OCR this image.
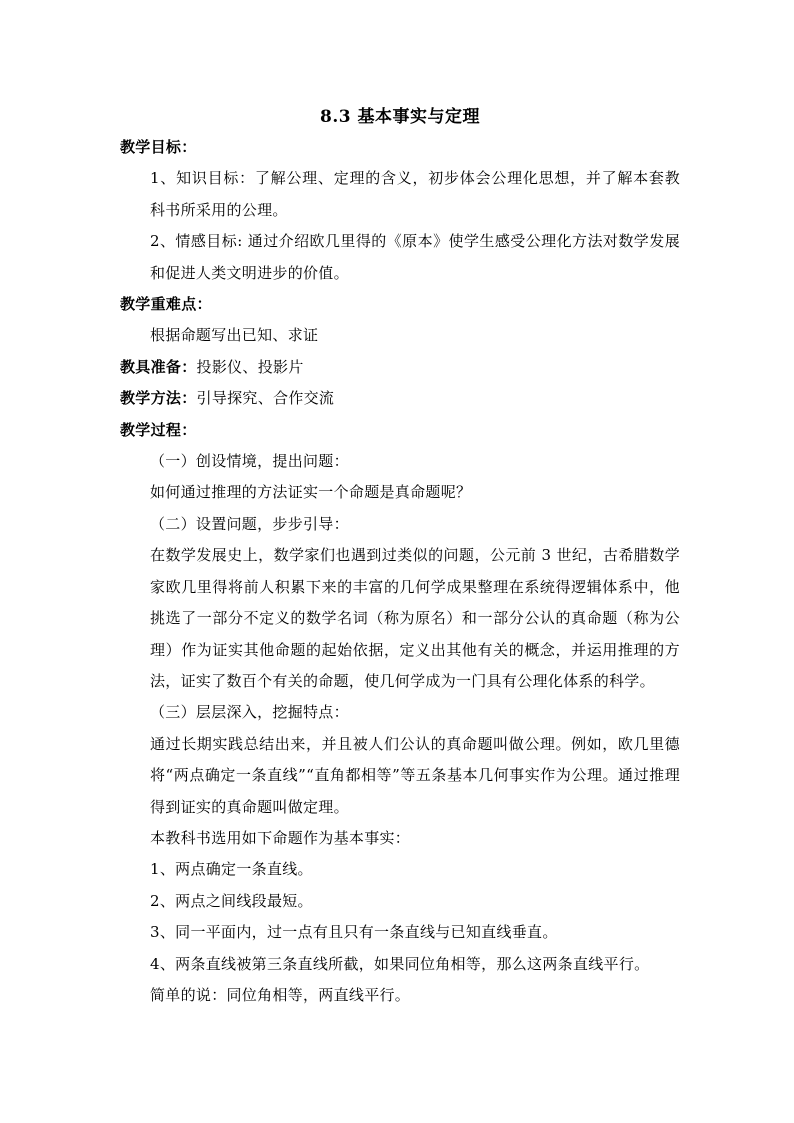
8.3 基本事实与定理

教学目标：

1、知识目标：了解公理、定理的含义，初步体会公理化思想，并了解本套教科书所采用的公理。

2、情感目标: 通过介绍欧几里得的《原本》使学生感受公理化方法对数学发展和促进人类文明进步的价值。

教学重难点：

根据命题写出已知、求证

教具准备：投影仪、投影片

教学方法：引导探究、合作交流

教学过程：

（一）创设情境，提出问题：

如何通过推理的方法证实一个命题是真命题呢？

（二）设置问题，步步引导：

在数学发展史上，数学家们也遇到过类似的问题，公元前 3 世纪，古希腊数学家欧几里得将前人积累下来的丰富的几何学成果整理在系统得逻辑体系中，他挑选了一部分不定义的数学名词（称为原名）和一部分公认的真命题（称为公理）作为证实其他命题的起始依据，定义出其他有关的概念，并运用推理的方法，证实了数百个有关的命题，使几何学成为一门具有公理化体系的科学。

（三）层层深入，挖掘特点：

通过长期实践总结出来，并且被人们公认的真命题叫做公理。例如，欧几里德将“两点确定一条直线”“直角都相等”等五条基本几何事实作为公理。通过推理得到证实的真命题叫做定理。

本教科书选用如下命题作为基本事实：

1、两点确定一条直线。

2、两点之间线段最短。

3、同一平面内，过一点有且只有一条直线与已知直线垂直。

4、两条直线被第三条直线所截，如果同位角相等，那么这两条直线平行。

简单的说：同位角相等，两直线平行。
